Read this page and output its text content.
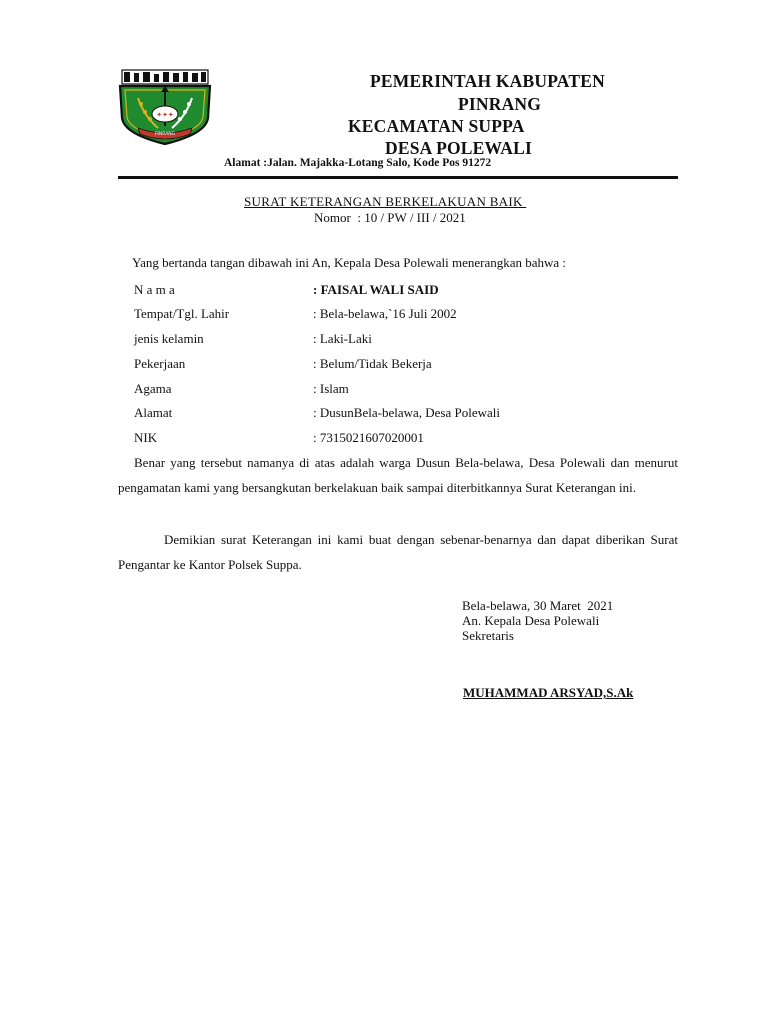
✦✦✦
PINRANG
PEMERINTAH KABUPATEN
PINRANG
KECAMATAN SUPPA
DESA POLEWALI
Alamat :Jalan. Majakka-Lotang Salo, Kode Pos 91272
SURAT KETERANGAN BERKELAKUAN BAIK
Nomor  : 10 / PW / III / 2021
Yang bertanda tangan dibawah ini An, Kepala Desa Polewali menerangkan bahwa :
N a m a	: FAISAL WALI SAID
Tempat/Tgl. Lahir	: Bela-belawa,`16 Juli 2002
jenis kelamin	: Laki-Laki
Pekerjaan	: Belum/Tidak Bekerja
Agama	: Islam
Alamat	: DusunBela-belawa, Desa Polewali
NIK	: 7315021607020001
Benar yang tersebut namanya di atas adalah warga Dusun Bela-belawa, Desa Polewali dan menurut pengamatan kami yang bersangkutan berkelakuan baik sampai diterbitkannya Surat Keterangan ini.
Demikian surat Keterangan ini kami buat dengan sebenar-benarnya dan dapat diberikan Surat Pengantar ke Kantor Polsek Suppa.
Bela-belawa, 30 Maret  2021
An. Kepala Desa Polewali
Sekretaris
MUHAMMAD ARSYAD,S.Ak
